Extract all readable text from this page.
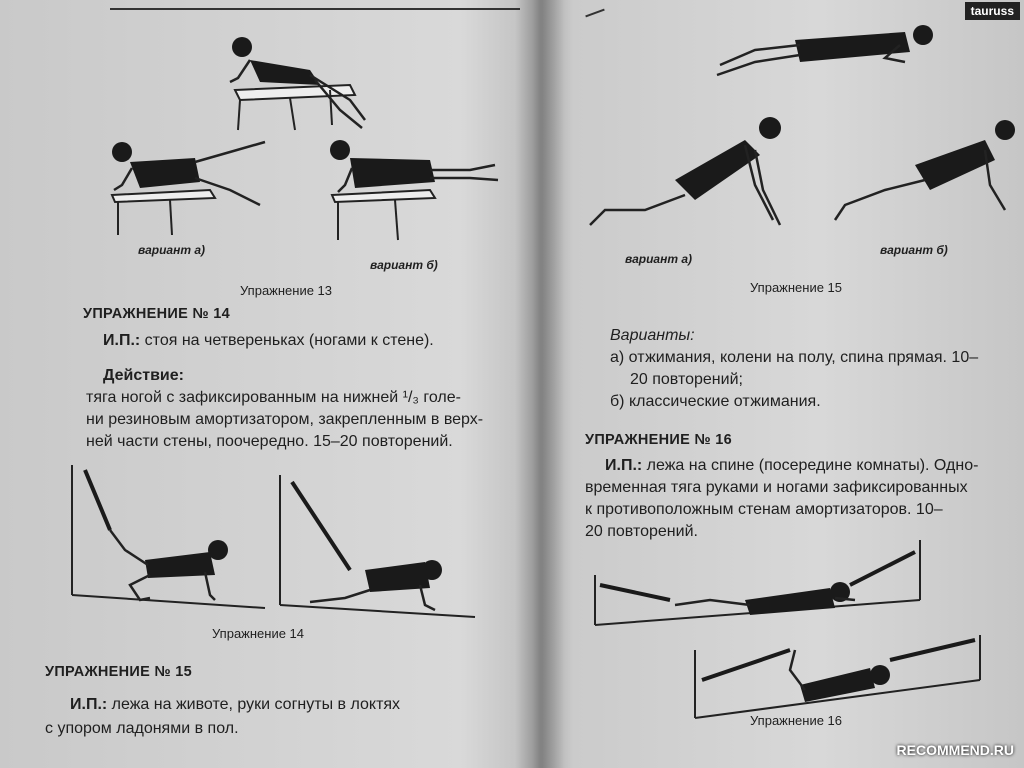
вариант а)
вариант б)
Упражнение 13
УПРАЖНЕНИЕ № 14
И.П.: стоя на четвереньках (ногами к стене).
Действие:
тяга ногой с зафиксированным на нижней ¹/₃ голе-
ни резиновым амортизатором, закрепленным в верх-
ней части стены, поочередно. 15–20 повторений.
Упражнение 14
УПРАЖНЕНИЕ № 15
И.П.: лежа на животе, руки согнуты в локтях
с упором ладонями в пол.
вариант а)
вариант б)
Упражнение 15
Варианты:
а) отжимания, колени на полу, спина прямая. 10–
20 повторений;
б) классические отжимания.
УПРАЖНЕНИЕ № 16
И.П.: лежа на спине (посередине комнаты). Одно-
временная тяга руками и ногами зафиксированных
к противоположным стенам амортизаторов. 10–
20 повторений.
Упражнение 16
tauruss
RECOMMEND.RU
